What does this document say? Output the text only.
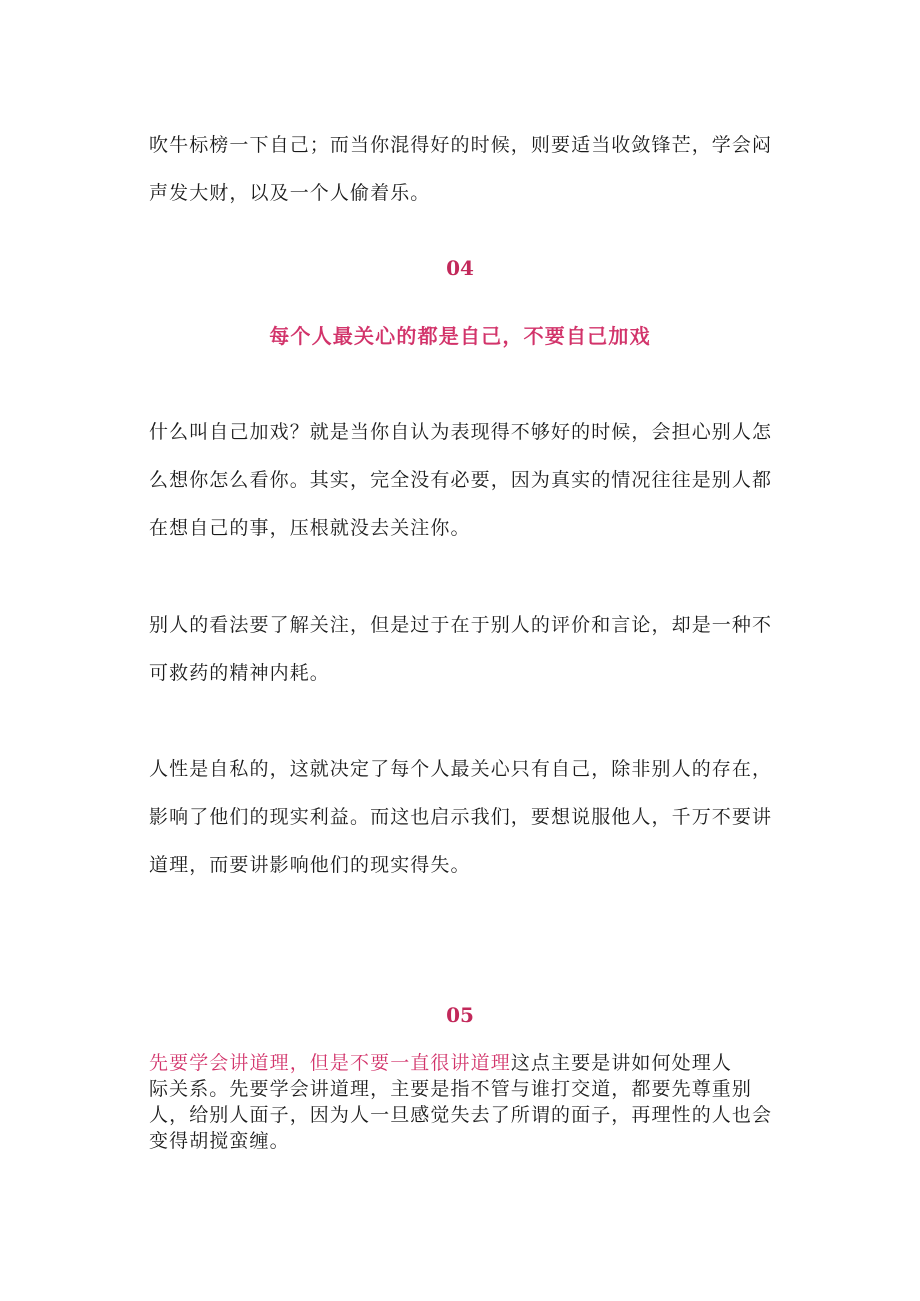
吹牛标榜一下自己；而当你混得好的时候，则要适当收敛锋芒，学会闷
声发大财，以及一个人偷着乐。

04
每个人最关心的都是自己，不要自己加戏

什么叫自己加戏？就是当你自认为表现得不够好的时候，会担心别人怎
么想你怎么看你。其实，完全没有必要，因为真实的情况往往是别人都
在想自己的事，压根就没去关注你。

别人的看法要了解关注，但是过于在于别人的评价和言论，却是一种不
可救药的精神内耗。

人性是自私的，这就决定了每个人最关心只有自己，除非别人的存在，
影响了他们的现实利益。而这也启示我们，要想说服他人，千万不要讲
道理，而要讲影响他们的现实得失。

05

先要学会讲道理，但是不要一直很讲道理这点主要是讲如何处理人
际关系。先要学会讲道理，主要是指不管与谁打交道，都要先尊重别
人，给别人面子，因为人一旦感觉失去了所谓的面子，再理性的人也会
变得胡搅蛮缠。
